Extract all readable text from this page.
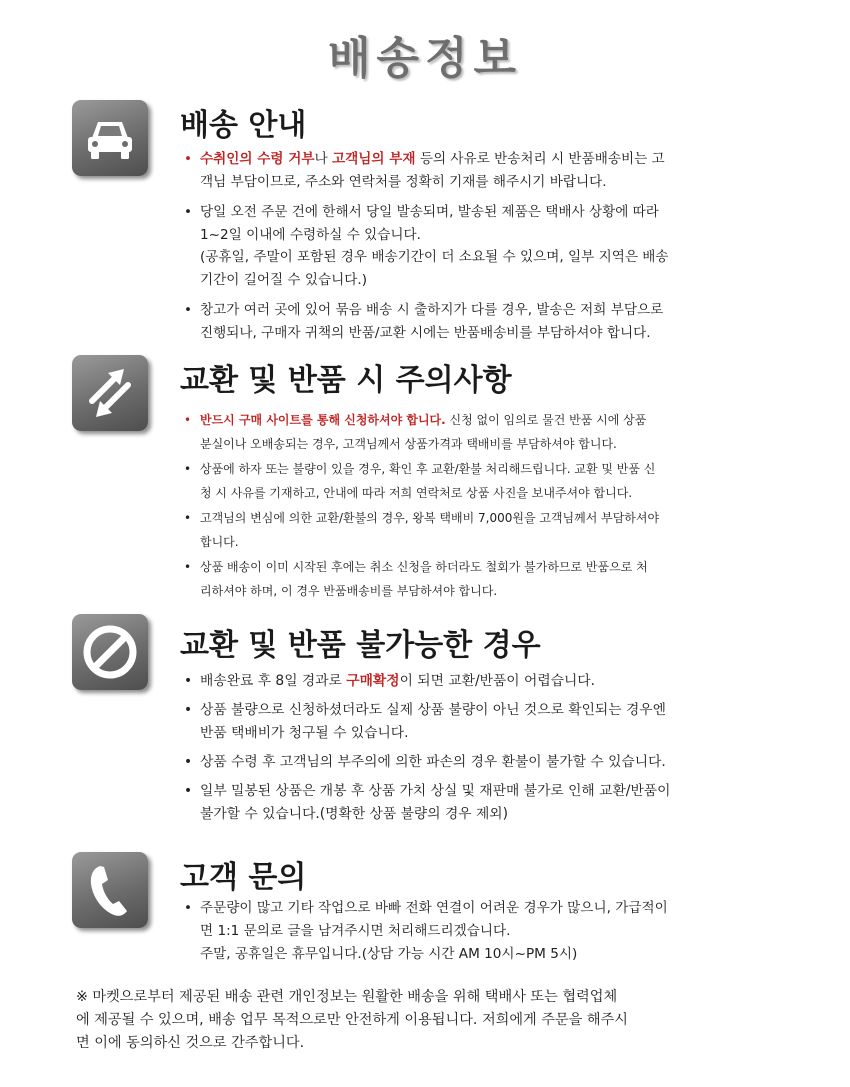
배송정보
배송 안내
• 수취인의 수령 거부나 고객님의 부재 등의 사유로 반송처리 시 반품배송비는 고
객님 부담이므로, 주소와 연락처를 정확히 기재를 해주시기 바랍니다.
• 당일 오전 주문 건에 한해서 당일 발송되며, 발송된 제품은 택배사 상황에 따라
1~2일 이내에 수령하실 수 있습니다.
(공휴일, 주말이 포함된 경우 배송기간이 더 소요될 수 있으며, 일부 지역은 배송
기간이 길어질 수 있습니다.)
• 창고가 여러 곳에 있어 묶음 배송 시 출하지가 다를 경우, 발송은 저희 부담으로
진행되나, 구매자 귀책의 반품/교환 시에는 반품배송비를 부담하셔야 합니다.
교환 및 반품 시 주의사항
• 반드시 구매 사이트를 통해 신청하셔야 합니다. 신청 없이 임의로 물건 반품 시에 상품
분실이나 오배송되는 경우, 고객님께서 상품가격과 택배비를 부담하셔야 합니다.
• 상품에 하자 또는 불량이 있을 경우, 확인 후 교환/환불 처리해드립니다. 교환 및 반품 신
청 시 사유를 기재하고, 안내에 따라 저희 연락처로 상품 사진을 보내주셔야 합니다.
• 고객님의 변심에 의한 교환/환불의 경우, 왕복 택배비 7,000원을 고객님께서 부담하셔야
합니다.
• 상품 배송이 이미 시작된 후에는 취소 신청을 하더라도 철회가 불가하므로 반품으로 처
리하셔야 하며, 이 경우 반품배송비를 부담하셔야 합니다.
교환 및 반품 불가능한 경우
• 배송완료 후 8일 경과로 구매확정이 되면 교환/반품이 어렵습니다.
• 상품 불량으로 신청하셨더라도 실제 상품 불량이 아닌 것으로 확인되는 경우엔
반품 택배비가 청구될 수 있습니다.
• 상품 수령 후 고객님의 부주의에 의한 파손의 경우 환불이 불가할 수 있습니다.
• 일부 밀봉된 상품은 개봉 후 상품 가치 상실 및 재판매 불가로 인해 교환/반품이
불가할 수 있습니다.(명확한 상품 불량의 경우 제외)
고객 문의
• 주문량이 많고 기타 작업으로 바빠 전화 연결이 어려운 경우가 많으니, 가급적이
면 1:1 문의로 글을 남겨주시면 처리해드리겠습니다.
주말, 공휴일은 휴무입니다.(상담 가능 시간 AM 10시~PM 5시)
※ 마켓으로부터 제공된 배송 관련 개인정보는 원활한 배송을 위해 택배사 또는 협력업체
에 제공될 수 있으며, 배송 업무 목적으로만 안전하게 이용됩니다. 저희에게 주문을 해주시
면 이에 동의하신 것으로 간주합니다.
